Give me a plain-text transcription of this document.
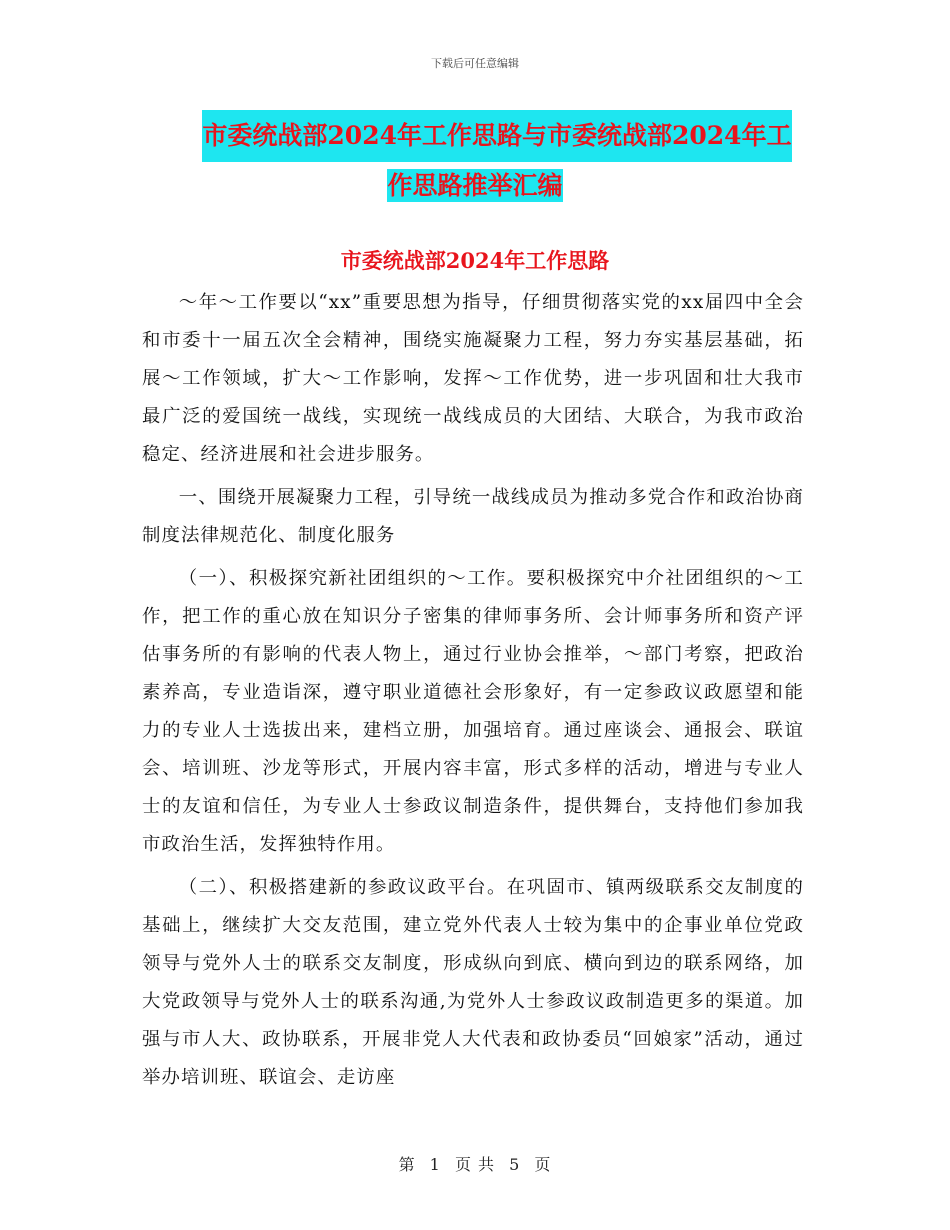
下载后可任意编辑
市委统战部2024年工作思路与市委统战部2024年工
作思路推举汇编
市委统战部2024年工作思路

～年～工作要以“xx”重要思想为指导，仔细贯彻落实党的xx届四中全会和市委十一届五次全会精神，围绕实施凝聚力工程，努力夯实基层基础，拓展～工作领域，扩大～工作影响，发挥～工作优势，进一步巩固和壮大我市最广泛的爱国统一战线，实现统一战线成员的大团结、大联合，为我市政治稳定、经济进展和社会进步服务。

一、围绕开展凝聚力工程，引导统一战线成员为推动多党合作和政治协商制度法律规范化、制度化服务

（一）、积极探究新社团组织的～工作。要积极探究中介社团组织的～工作，把工作的重心放在知识分子密集的律师事务所、会计师事务所和资产评估事务所的有影响的代表人物上，通过行业协会推举，～部门考察，把政治素养高，专业造诣深，遵守职业道德社会形象好，有一定参政议政愿望和能力的专业人士选拔出来，建档立册，加强培育。通过座谈会、通报会、联谊会、培训班、沙龙等形式，开展内容丰富，形式多样的活动，增进与专业人士的友谊和信任，为专业人士参政议制造条件，提供舞台，支持他们参加我市政治生活，发挥独特作用。

（二）、积极搭建新的参政议政平台。在巩固市、镇两级联系交友制度的基础上，继续扩大交友范围，建立党外代表人士较为集中的企事业单位党政领导与党外人士的联系交友制度，形成纵向到底、横向到边的联系网络，加大党政领导与党外人士的联系沟通,为党外人士参政议政制造更多的渠道。加强与市人大、政协联系，开展非党人大代表和政协委员“回娘家”活动，通过举办培训班、联谊会、走访座

第 1 页 共 5 页
